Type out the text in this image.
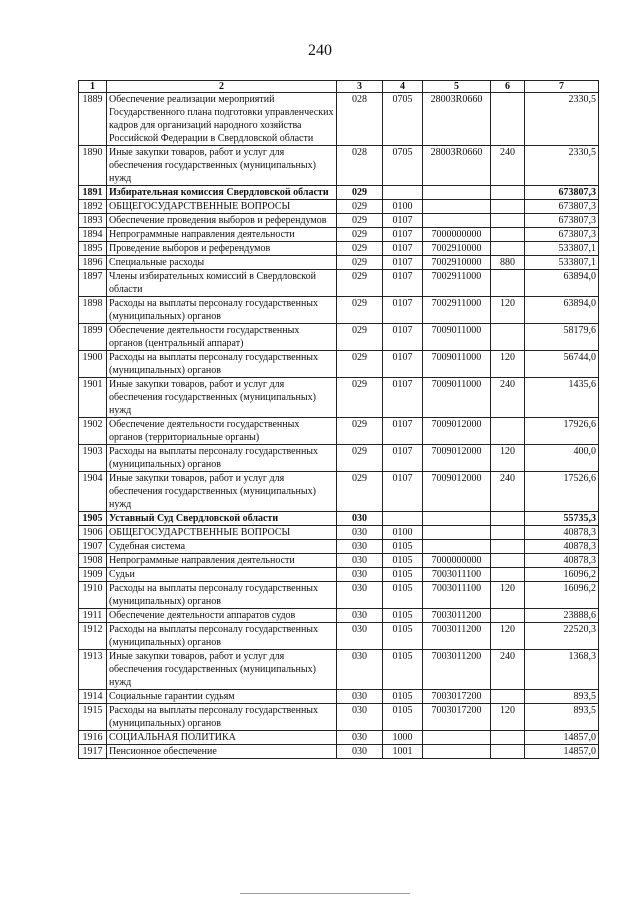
240
1	2	3	4	5	6	7
1889	Обеспечение реализации мероприятий Государственного плана подготовки управленческих кадров для организаций народного хозяйства Российской Федерации в Свердловской области	028	0705	28003R0660		2330,5
1890	Иные закупки товаров, работ и услуг для обеспечения государственных (муниципальных) нужд	028	0705	28003R0660	240	2330,5
1891	Избирательная комиссия Свердловской области	029				673807,3
1892	ОБЩЕГОСУДАРСТВЕННЫЕ ВОПРОСЫ	029	0100			673807,3
1893	Обеспечение проведения выборов и референдумов	029	0107			673807,3
1894	Непрограммные направления деятельности	029	0107	7000000000		673807,3
1895	Проведение выборов и референдумов	029	0107	7002910000		533807,1
1896	Специальные расходы	029	0107	7002910000	880	533807,1
1897	Члены избирательных комиссий в Свердловской области	029	0107	7002911000		63894,0
1898	Расходы на выплаты персоналу государственных (муниципальных) органов	029	0107	7002911000	120	63894,0
1899	Обеспечение деятельности государственных органов (центральный аппарат)	029	0107	7009011000		58179,6
1900	Расходы на выплаты персоналу государственных (муниципальных) органов	029	0107	7009011000	120	56744,0
1901	Иные закупки товаров, работ и услуг для обеспечения государственных (муниципальных) нужд	029	0107	7009011000	240	1435,6
1902	Обеспечение деятельности государственных органов (территориальные органы)	029	0107	7009012000		17926,6
1903	Расходы на выплаты персоналу государственных (муниципальных) органов	029	0107	7009012000	120	400,0
1904	Иные закупки товаров, работ и услуг для обеспечения государственных (муниципальных) нужд	029	0107	7009012000	240	17526,6
1905	Уставный Суд Свердловской области	030				55735,3
1906	ОБЩЕГОСУДАРСТВЕННЫЕ ВОПРОСЫ	030	0100			40878,3
1907	Судебная система	030	0105			40878,3
1908	Непрограммные направления деятельности	030	0105	7000000000		40878,3
1909	Судьи	030	0105	7003011100		16096,2
1910	Расходы на выплаты персоналу государственных (муниципальных) органов	030	0105	7003011100	120	16096,2
1911	Обеспечение деятельности аппаратов судов	030	0105	7003011200		23888,6
1912	Расходы на выплаты персоналу государственных (муниципальных) органов	030	0105	7003011200	120	22520,3
1913	Иные закупки товаров, работ и услуг для обеспечения государственных (муниципальных) нужд	030	0105	7003011200	240	1368,3
1914	Социальные гарантии судьям	030	0105	7003017200		893,5
1915	Расходы на выплаты персоналу государственных (муниципальных) органов	030	0105	7003017200	120	893,5
1916	СОЦИАЛЬНАЯ ПОЛИТИКА	030	1000			14857,0
1917	Пенсионное обеспечение	030	1001			14857,0
